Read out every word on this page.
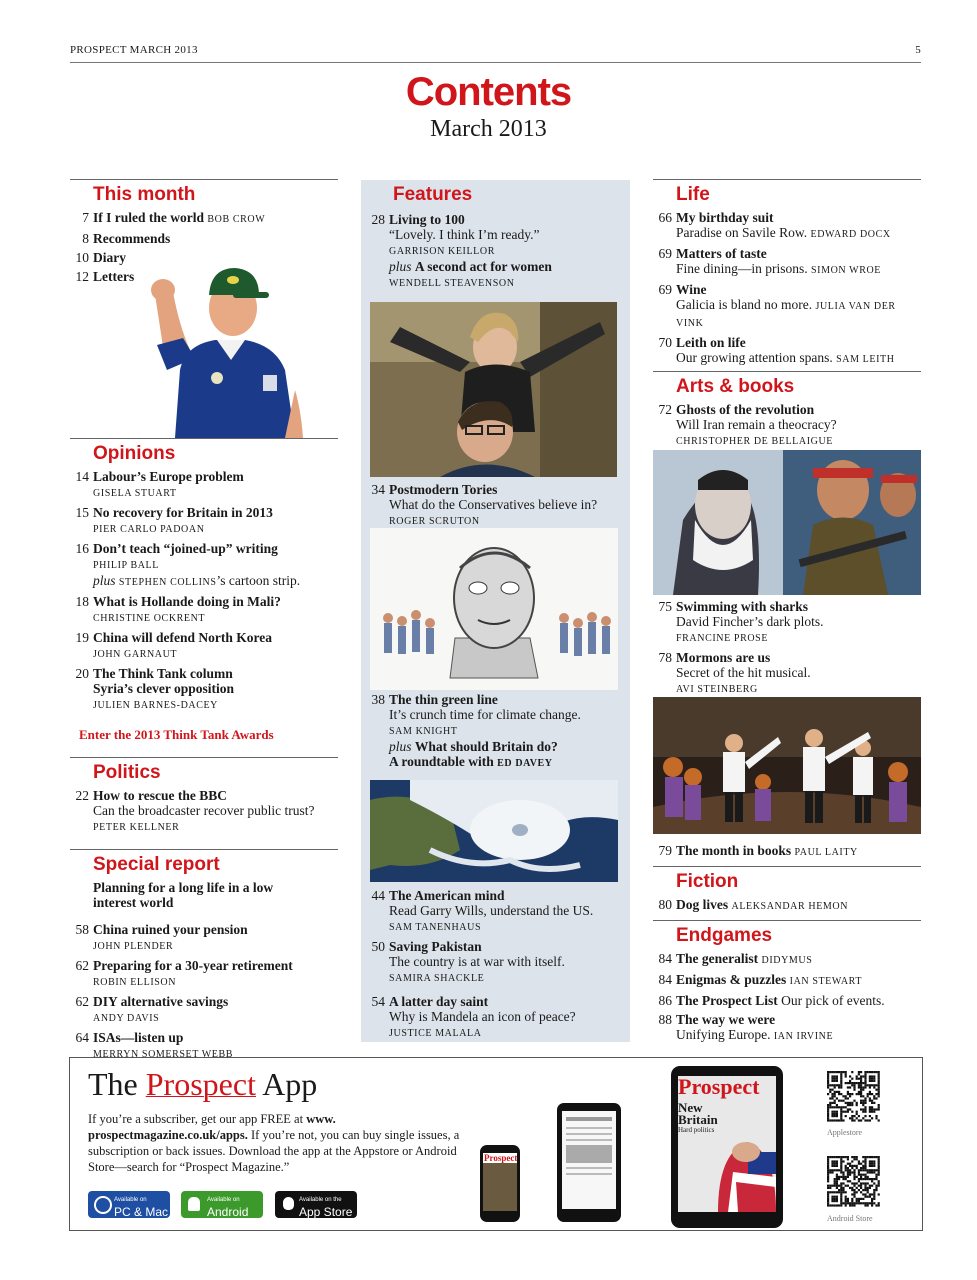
PROSPECT MARCH 2013	5
Contents
March 2013
This month
7 If I ruled the world BOB CROW
8 Recommends
10 Diary
12 Letters
Opinions
14 Labour’s Europe problem
GISELA STUART
15 No recovery for Britain in 2013
PIER CARLO PADOAN
16 Don’t teach “joined-up” writing
PHILIP BALL
plus STEPHEN COLLINS’s cartoon strip.
18 What is Hollande doing in Mali?
CHRISTINE OCKRENT
19 China will defend North Korea
JOHN GARNAUT
20 The Think Tank column
Syria’s clever opposition
JULIEN BARNES-DACEY
Enter the 2013 Think Tank Awards
Politics
22 How to rescue the BBC
Can the broadcaster recover public trust?
PETER KELLNER
Special report
Planning for a long life in a low
interest world
58 China ruined your pension
JOHN PLENDER
62 Preparing for a 30-year retirement
ROBIN ELLISON
62 DIY alternative savings
ANDY DAVIS
64 ISAs—listen up
MERRYN SOMERSET WEBB
Features
28 Living to 100
“Lovely. I think I’m ready.”
GARRISON KEILLOR
plus A second act for women
WENDELL STEAVENSON
34 Postmodern Tories
What do the Conservatives believe in?
ROGER SCRUTON
38 The thin green line
It’s crunch time for climate change.
SAM KNIGHT
plus What should Britain do?
A roundtable with ED DAVEY
44 The American mind
Read Garry Wills, understand the US.
SAM TANENHAUS
50 Saving Pakistan
The country is at war with itself.
SAMIRA SHACKLE
54 A latter day saint
Why is Mandela an icon of peace?
JUSTICE MALALA
Life
66 My birthday suit
Paradise on Savile Row. EDWARD DOCX
69 Matters of taste
Fine dining—in prisons. SIMON WROE
69 Wine
Galicia is bland no more. JULIA VAN DER VINK
70 Leith on life
Our growing attention spans. SAM LEITH
Arts & books
72 Ghosts of the revolution
Will Iran remain a theocracy?
CHRISTOPHER DE BELLAIGUE
75 Swimming with sharks
David Fincher’s dark plots.
FRANCINE PROSE
78 Mormons are us
Secret of the hit musical.
AVI STEINBERG
79 The month in books PAUL LAITY
Fiction
80 Dog lives ALEKSANDAR HEMON
Endgames
84 The generalist DIDYMUS
84 Enigmas & puzzles IAN STEWART
86 The Prospect List Our pick of events.
88 The way we were
Unifying Europe. IAN IRVINE
The Prospect App
If you’re a subscriber, get our app FREE at www.
prospectmagazine.co.uk/apps. If you’re not, you can buy single issues, a subscription or back issues. Download the app at the Appstore or Android Store—search for “Prospect Magazine.”
Available on
PC & Mac
Available on
Android
Available on the
App Store
Prospect
Prospect
New
Britain
Hard politics	Applestore
Android Store
